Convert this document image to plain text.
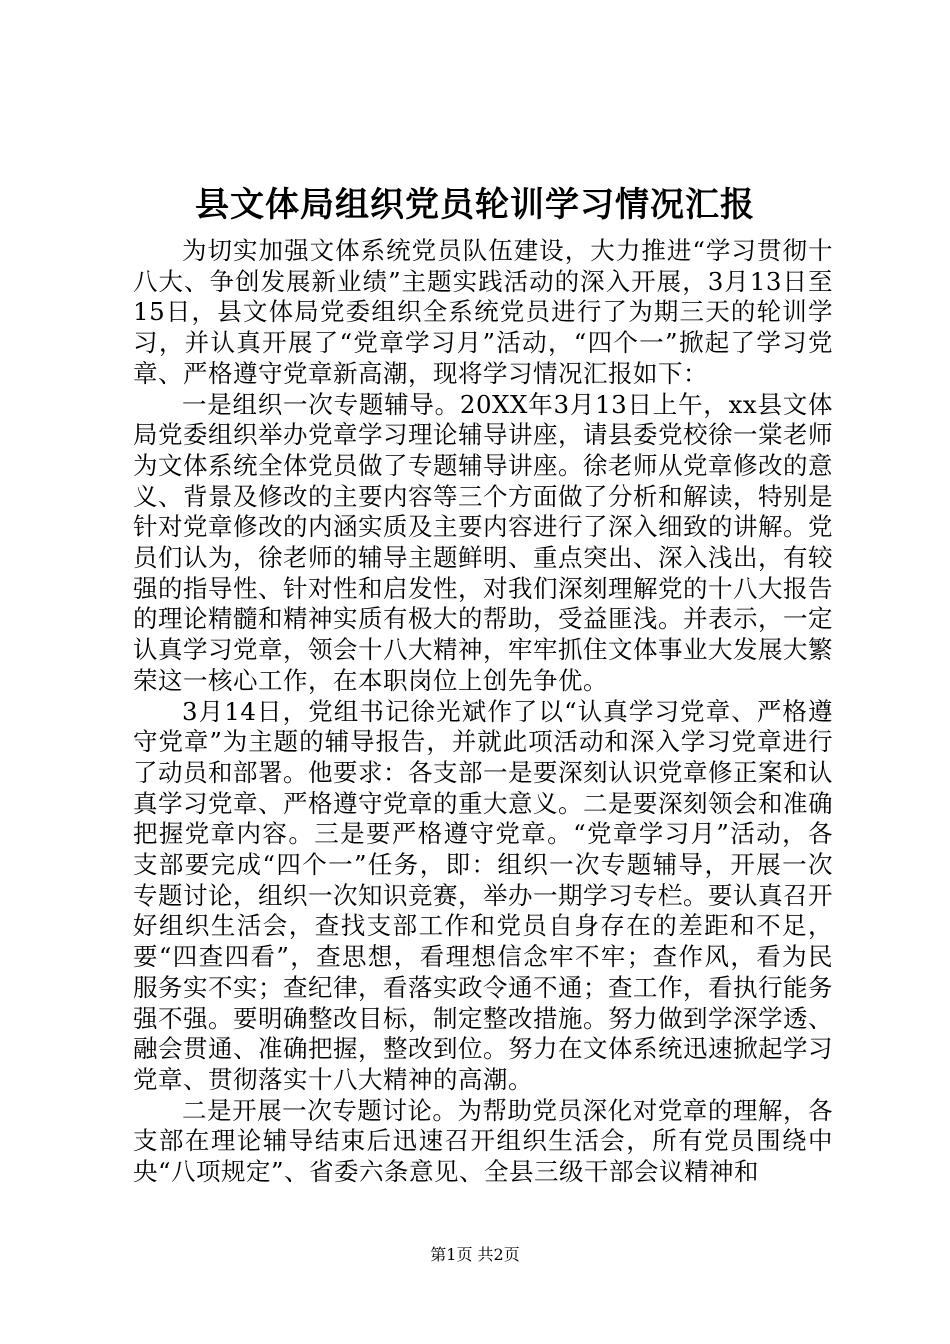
县文体局组织党员轮训学习情况汇报

为切实加强文体系统党员队伍建设，大力推进“学习贯彻十八大、争创发展新业绩”主题实践活动的深入开展，3月13日至15日，县文体局党委组织全系统党员进行了为期三天的轮训学习，并认真开展了“党章学习月”活动，“四个一”掀起了学习党章、严格遵守党章新高潮，现将学习情况汇报如下：

一是组织一次专题辅导。20XX年3月13日上午，xx县文体局党委组织举办党章学习理论辅导讲座，请县委党校徐一棠老师为文体系统全体党员做了专题辅导讲座。徐老师从党章修改的意义、背景及修改的主要内容等三个方面做了分析和解读，特别是针对党章修改的内涵实质及主要内容进行了深入细致的讲解。党员们认为，徐老师的辅导主题鲜明、重点突出、深入浅出，有较强的指导性、针对性和启发性，对我们深刻理解党的十八大报告的理论精髓和精神实质有极大的帮助，受益匪浅。并表示，一定认真学习党章，领会十八大精神，牢牢抓住文体事业大发展大繁荣这一核心工作，在本职岗位上创先争优。

3月14日，党组书记徐光斌作了以“认真学习党章、严格遵守党章”为主题的辅导报告，并就此项活动和深入学习党章进行了动员和部署。他要求：各支部一是要深刻认识党章修正案和认真学习党章、严格遵守党章的重大意义。二是要深刻领会和准确把握党章内容。三是要严格遵守党章。“党章学习月”活动，各支部要完成“四个一”任务，即：组织一次专题辅导，开展一次专题讨论，组织一次知识竞赛，举办一期学习专栏。要认真召开好组织生活会，查找支部工作和党员自身存在的差距和不足，要“四查四看”，查思想，看理想信念牢不牢；查作风，看为民服务实不实；查纪律，看落实政令通不通；查工作，看执行能务强不强。要明确整改目标，制定整改措施。努力做到学深学透、融会贯通、准确把握，整改到位。努力在文体系统迅速掀起学习党章、贯彻落实十八大精神的高潮。

二是开展一次专题讨论。为帮助党员深化对党章的理解，各支部在理论辅导结束后迅速召开组织生活会，所有党员围绕中央“八项规定”、省委六条意见、全县三级干部会议精神和

第1页 共2页
